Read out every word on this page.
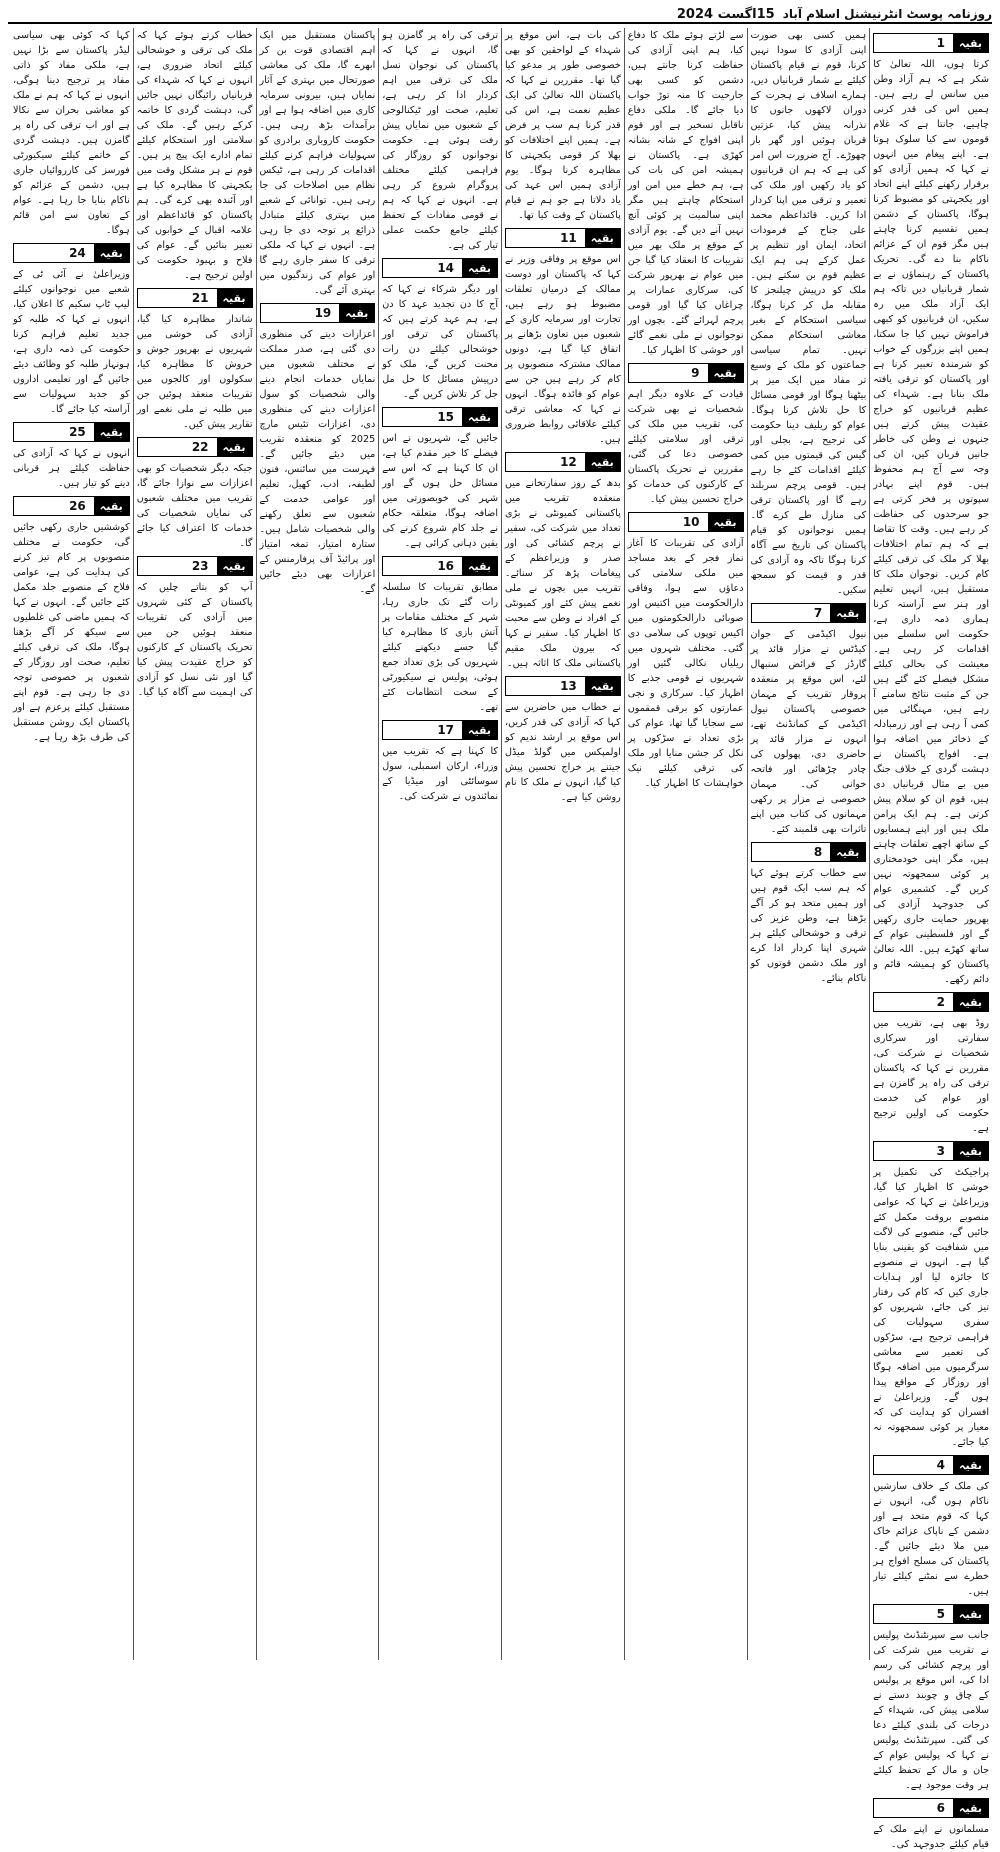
روزنامہ پوسٹ انٹرنیشنل اسلام آباد
15اگست 2024
بقیہ
1
کرتا ہوں، اللہ تعالیٰ کا شکر ہے کہ ہم آزاد وطن میں سانس لے رہے ہیں۔ ہمیں اس کی قدر کرنی چاہیے، جانتا ہے کہ غلام قوموں سے کیا سلوک ہوتا ہے۔ اپنے پیغام میں انہوں نے کہا کہ ہمیں آزادی کو برقرار رکھنے کیلئے اپنے اتحاد اور یکجہتی کو مضبوط کرنا ہوگا، پاکستان کے دشمن ہمیں تقسیم کرنا چاہتے ہیں مگر قوم ان کے عزائم ناکام بنا دے گی۔ تحریک پاکستان کے رہنماؤں نے بے شمار قربانیاں دیں تاکہ ہم ایک آزاد ملک میں رہ سکیں، ان قربانیوں کو کبھی فراموش نہیں کیا جا سکتا، ہمیں اپنے بزرگوں کے خواب کو شرمندہ تعبیر کرنا ہے اور پاکستان کو ترقی یافتہ ملک بنانا ہے۔ شہداء کی عظیم قربانیوں کو خراج عقیدت پیش کرتے ہیں جنہوں نے وطن کی خاطر جانیں قربان کیں، ان کی وجہ سے آج ہم محفوظ ہیں۔ قوم اپنے بہادر سپوتوں پر فخر کرتی ہے جو سرحدوں کی حفاظت کر رہے ہیں۔ وقت کا تقاضا ہے کہ ہم تمام اختلافات بھلا کر ملک کی ترقی کیلئے کام کریں۔ نوجوان ملک کا مستقبل ہیں، انہیں تعلیم اور ہنر سے آراستہ کرنا ہماری ذمہ داری ہے، حکومت اس سلسلے میں اقدامات کر رہی ہے۔ معیشت کی بحالی کیلئے مشکل فیصلے کئے گئے ہیں جن کے مثبت نتائج سامنے آ رہے ہیں، مہنگائی میں کمی آ رہی ہے اور زرمبادلہ کے ذخائر میں اضافہ ہوا ہے۔ افواج پاکستان نے دہشت گردی کے خلاف جنگ میں بے مثال قربانیاں دی ہیں، قوم ان کو سلام پیش کرتی ہے۔ ہم ایک پرامن ملک ہیں اور اپنے ہمسایوں کے ساتھ اچھے تعلقات چاہتے ہیں، مگر اپنی خودمختاری پر کوئی سمجھوتہ نہیں کریں گے۔ کشمیری عوام کی جدوجہد آزادی کی بھرپور حمایت جاری رکھیں گے اور فلسطینی عوام کے ساتھ کھڑے ہیں۔ اللہ تعالیٰ پاکستان کو ہمیشہ قائم و دائم رکھے۔
بقیہ
2
روڈ بھی ہے، تقریب میں سفارتی اور سرکاری شخصیات نے شرکت کی، مقررین نے کہا کہ پاکستان ترقی کی راہ پر گامزن ہے اور عوام کی خدمت حکومت کی اولین ترجیح ہے۔
بقیہ
3
پراجیکٹ کی تکمیل پر خوشی کا اظہار کیا گیا، وزیراعلیٰ نے کہا کہ عوامی منصوبے بروقت مکمل کئے جائیں گے، منصوبے کی لاگت میں شفافیت کو یقینی بنایا گیا ہے۔ انہوں نے منصوبے کا جائزہ لیا اور ہدایات جاری کیں کہ کام کی رفتار تیز کی جائے، شہریوں کو سفری سہولیات کی فراہمی ترجیح ہے، سڑکوں کی تعمیر سے معاشی سرگرمیوں میں اضافہ ہوگا اور روزگار کے مواقع پیدا ہوں گے۔ وزیراعلیٰ نے افسران کو ہدایت کی کہ معیار پر کوئی سمجھوتہ نہ کیا جائے۔
بقیہ
4
کی ملک کے خلاف سازشیں ناکام ہوں گی، انہوں نے کہا کہ قوم متحد ہے اور دشمن کے ناپاک عزائم خاک میں ملا دیئے جائیں گے۔ پاکستان کی مسلح افواج ہر خطرے سے نمٹنے کیلئے تیار ہیں۔
بقیہ
5
جانب سے سپرنٹنڈنٹ پولیس نے تقریب میں شرکت کی اور پرچم کشائی کی رسم ادا کی، اس موقع پر پولیس کے چاق و چوبند دستے نے سلامی پیش کی، شہداء کے درجات کی بلندی کیلئے دعا کی گئی۔ سپرنٹنڈنٹ پولیس نے کہا کہ پولیس عوام کے جان و مال کے تحفظ کیلئے ہر وقت موجود ہے۔
بقیہ
6
مسلمانوں نے اپنے ملک کے قیام کیلئے جدوجہد کی۔
ہمیں کسی بھی صورت اپنی آزادی کا سودا نہیں کرنا، قوم نے قیام پاکستان کیلئے بے شمار قربانیاں دیں، ہمارے اسلاف نے ہجرت کے دوران لاکھوں جانوں کا نذرانہ پیش کیا، عزتیں قربان ہوئیں اور گھر بار چھوڑے۔ آج ضرورت اس امر کی ہے کہ ہم ان قربانیوں کو یاد رکھیں اور ملک کی تعمیر و ترقی میں اپنا کردار ادا کریں۔ قائداعظم محمد علی جناح کے فرمودات اتحاد، ایمان اور تنظیم پر عمل کرکے ہی ہم ایک عظیم قوم بن سکتے ہیں۔ ملک کو درپیش چیلنجز کا مقابلہ مل کر کرنا ہوگا، سیاسی استحکام کے بغیر معاشی استحکام ممکن نہیں۔ تمام سیاسی جماعتوں کو ملک کے وسیع تر مفاد میں ایک میز پر بیٹھنا ہوگا اور قومی مسائل کا حل تلاش کرنا ہوگا۔ عوام کو ریلیف دینا حکومت کی ترجیح ہے، بجلی اور گیس کی قیمتوں میں کمی کیلئے اقدامات کئے جا رہے ہیں۔ قومی پرچم سربلند رہے گا اور پاکستان ترقی کی منازل طے کرے گا۔ ہمیں نوجوانوں کو قیام پاکستان کی تاریخ سے آگاہ کرنا ہوگا تاکہ وہ آزادی کی قدر و قیمت کو سمجھ سکیں۔
بقیہ
7
نیول اکیڈمی کے جوان کیڈٹس نے مزار قائد پر گارڈز کے فرائض سنبھال لئے، اس موقع پر منعقدہ پروقار تقریب کے مہمان خصوصی پاکستان نیول اکیڈمی کے کمانڈنٹ تھے، انہوں نے مزار قائد پر حاضری دی، پھولوں کی چادر چڑھائی اور فاتحہ خوانی کی۔ مہمان خصوصی نے مزار پر رکھی مہمانوں کی کتاب میں اپنے تاثرات بھی قلمبند کئے۔
بقیہ
8
سے خطاب کرتے ہوئے کہا کہ ہم سب ایک قوم ہیں اور ہمیں متحد ہو کر آگے بڑھنا ہے، وطن عزیز کی ترقی و خوشحالی کیلئے ہر شہری اپنا کردار ادا کرے اور ملک دشمن قوتوں کو ناکام بنائے۔
سے لڑتے ہوئے ملک کا دفاع کیا، ہم اپنی آزادی کی حفاظت کرنا جانتے ہیں، دشمن کو کسی بھی جارحیت کا منہ توڑ جواب دیا جائے گا۔ ملکی دفاع ناقابل تسخیر ہے اور قوم اپنی افواج کے شانہ بشانہ کھڑی ہے۔ پاکستان نے ہمیشہ امن کی بات کی ہے، ہم خطے میں امن اور استحکام چاہتے ہیں مگر اپنی سالمیت پر کوئی آنچ نہیں آنے دیں گے۔ یوم آزادی کے موقع پر ملک بھر میں تقریبات کا انعقاد کیا گیا جن میں عوام نے بھرپور شرکت کی، سرکاری عمارات پر چراغاں کیا گیا اور قومی پرچم لہرائے گئے۔ بچوں اور نوجوانوں نے ملی نغمے گائے اور خوشی کا اظہار کیا۔
بقیہ
9
قیادت کے علاوہ دیگر اہم شخصیات نے بھی شرکت کی، تقریب میں ملک کی ترقی اور سلامتی کیلئے خصوصی دعا کی گئی، مقررین نے تحریک پاکستان کے کارکنوں کی خدمات کو خراج تحسین پیش کیا۔
بقیہ
10
آزادی کی تقریبات کا آغاز نماز فجر کے بعد مساجد میں ملکی سلامتی کی دعاؤں سے ہوا، وفاقی دارالحکومت میں اکتیس اور صوبائی دارالحکومتوں میں اکیس توپوں کی سلامی دی گئی۔ مختلف شہروں میں ریلیاں نکالی گئیں اور شہریوں نے قومی جذبے کا اظہار کیا۔ سرکاری و نجی عمارتوں کو برقی قمقموں سے سجایا گیا تھا، عوام کی بڑی تعداد نے سڑکوں پر نکل کر جشن منایا اور ملک کی ترقی کیلئے نیک خواہشات کا اظہار کیا۔
کی بات ہے، اس موقع پر شہداء کے لواحقین کو بھی خصوصی طور پر مدعو کیا گیا تھا۔ مقررین نے کہا کہ پاکستان اللہ تعالیٰ کی ایک عظیم نعمت ہے، اس کی قدر کرنا ہم سب پر فرض ہے۔ ہمیں اپنے اختلافات کو بھلا کر قومی یکجہتی کا مظاہرہ کرنا ہوگا۔ یوم آزادی ہمیں اس عہد کی یاد دلاتا ہے جو ہم نے قیام پاکستان کے وقت کیا تھا۔
بقیہ
11
اس موقع پر وفاقی وزیر نے کہا کہ پاکستان اور دوست ممالک کے درمیان تعلقات مضبوط ہو رہے ہیں، تجارت اور سرمایہ کاری کے شعبوں میں تعاون بڑھانے پر اتفاق کیا گیا ہے، دونوں ممالک مشترکہ منصوبوں پر کام کر رہے ہیں جن سے عوام کو فائدہ ہوگا۔ انہوں نے کہا کہ معاشی ترقی کیلئے علاقائی روابط ضروری ہیں۔
بقیہ
12
بدھ کے روز سفارتخانے میں منعقدہ تقریب میں پاکستانی کمیونٹی نے بڑی تعداد میں شرکت کی، سفیر نے پرچم کشائی کی اور صدر و وزیراعظم کے پیغامات پڑھ کر سنائے۔ تقریب میں بچوں نے ملی نغمے پیش کئے اور کمیونٹی کے افراد نے وطن سے محبت کا اظہار کیا۔ سفیر نے کہا کہ بیرون ملک مقیم پاکستانی ملک کا اثاثہ ہیں۔
بقیہ
13
نے خطاب میں حاضرین سے کہا کہ آزادی کی قدر کریں، اس موقع پر ارشد ندیم کو اولمپکس میں گولڈ میڈل جیتنے پر خراج تحسین پیش کیا گیا، انہوں نے ملک کا نام روشن کیا ہے۔
ترقی کی راہ پر گامزن ہو گا، انہوں نے کہا کہ پاکستان کی نوجوان نسل ملک کی ترقی میں اہم کردار ادا کر رہی ہے، تعلیم، صحت اور ٹیکنالوجی کے شعبوں میں نمایاں پیش رفت ہوئی ہے۔ حکومت نوجوانوں کو روزگار کی فراہمی کیلئے مختلف پروگرام شروع کر رہی ہے۔ انہوں نے کہا کہ ہم نے قومی مفادات کے تحفظ کیلئے جامع حکمت عملی تیار کی ہے۔
بقیہ
14
اور دیگر شرکاء نے کہا کہ آج کا دن تجدید عہد کا دن ہے، ہم عہد کرتے ہیں کہ پاکستان کی ترقی اور خوشحالی کیلئے دن رات محنت کریں گے، ملک کو درپیش مسائل کا حل مل جل کر تلاش کریں گے۔
بقیہ
15
جائیں گے، شہریوں نے اس فیصلے کا خیر مقدم کیا ہے، ان کا کہنا ہے کہ اس سے مسائل حل ہوں گے اور شہر کی خوبصورتی میں اضافہ ہوگا، متعلقہ حکام نے جلد کام شروع کرنے کی یقین دہانی کرائی ہے۔
بقیہ
16
مطابق تقریبات کا سلسلہ رات گئے تک جاری رہا، شہر کے مختلف مقامات پر آتش بازی کا مظاہرہ کیا گیا جسے دیکھنے کیلئے شہریوں کی بڑی تعداد جمع ہوئی، پولیس نے سیکیورٹی کے سخت انتظامات کئے تھے۔
بقیہ
17
کا کہنا ہے کہ تقریب میں وزراء، ارکان اسمبلی، سول سوسائٹی اور میڈیا کے نمائندوں نے شرکت کی۔
پاکستان مستقبل میں ایک اہم اقتصادی قوت بن کر ابھرے گا، ملک کی معاشی صورتحال میں بہتری کے آثار نمایاں ہیں، بیرونی سرمایہ کاری میں اضافہ ہوا ہے اور برآمدات بڑھ رہی ہیں۔ حکومت کاروباری برادری کو سہولیات فراہم کرنے کیلئے اقدامات کر رہی ہے، ٹیکس نظام میں اصلاحات کی جا رہی ہیں۔ توانائی کے شعبے میں بہتری کیلئے متبادل ذرائع پر توجہ دی جا رہی ہے۔ انہوں نے کہا کہ ملکی ترقی کا سفر جاری رہے گا اور عوام کی زندگیوں میں بہتری آئے گی۔
بقیہ
19
اعزازات دینے کی منظوری دی گئی ہے، صدر مملکت نے مختلف شعبوں میں نمایاں خدمات انجام دینے والی شخصیات کو سول اعزازات دینے کی منظوری دی، اعزازات تئیس مارچ 2025 کو منعقدہ تقریب میں دیئے جائیں گے۔ فہرست میں سائنس، فنون لطیفہ، ادب، کھیل، تعلیم اور عوامی خدمت کے شعبوں سے تعلق رکھنے والی شخصیات شامل ہیں۔ ستارہ امتیاز، تمغہ امتیاز اور پرائیڈ آف پرفارمنس کے اعزازات بھی دیئے جائیں گے۔
خطاب کرتے ہوئے کہا کہ ملک کی ترقی و خوشحالی کیلئے اتحاد ضروری ہے، انہوں نے کہا کہ شہداء کی قربانیاں رائیگاں نہیں جائیں گی، دہشت گردی کا خاتمہ کرکے رہیں گے۔ ملک کی سلامتی اور استحکام کیلئے تمام ادارے ایک پیج پر ہیں۔ قوم نے ہر مشکل وقت میں یکجہتی کا مظاہرہ کیا ہے اور آئندہ بھی کرے گی۔ ہم پاکستان کو قائداعظم اور علامہ اقبال کے خوابوں کی تعبیر بنائیں گے۔ عوام کی فلاح و بہبود حکومت کی اولین ترجیح ہے۔
بقیہ
21
شاندار مظاہرہ کیا گیا، آزادی کی خوشی میں شہریوں نے بھرپور جوش و خروش کا مظاہرہ کیا، سکولوں اور کالجوں میں تقریبات منعقد ہوئیں جن میں طلبہ نے ملی نغمے اور تقاریر پیش کیں۔
بقیہ
22
جبکہ دیگر شخصیات کو بھی اعزازات سے نوازا جائے گا، تقریب میں مختلف شعبوں کی نمایاں شخصیات کی خدمات کا اعتراف کیا جائے گا۔
بقیہ
23
آپ کو بتاتے چلیں کہ پاکستان کے کئی شہروں میں آزادی کی تقریبات منعقد ہوئیں جن میں تحریک پاکستان کے کارکنوں کو خراج عقیدت پیش کیا گیا اور نئی نسل کو آزادی کی اہمیت سے آگاہ کیا گیا۔
کہا کہ کوئی بھی سیاسی لیڈر پاکستان سے بڑا نہیں ہے، ملکی مفاد کو ذاتی مفاد پر ترجیح دینا ہوگی، انہوں نے کہا کہ ہم نے ملک کو معاشی بحران سے نکالا ہے اور اب ترقی کی راہ پر گامزن ہیں۔ دہشت گردی کے خاتمے کیلئے سیکیورٹی فورسز کی کارروائیاں جاری ہیں، دشمن کے عزائم کو ناکام بنایا جا رہا ہے۔ عوام کے تعاون سے امن قائم ہوگا۔
بقیہ
24
وزیراعلیٰ نے آئی ٹی کے شعبے میں نوجوانوں کیلئے لیپ ٹاپ سکیم کا اعلان کیا، انہوں نے کہا کہ طلبہ کو جدید تعلیم فراہم کرنا حکومت کی ذمہ داری ہے، ہونہار طلبہ کو وظائف دیئے جائیں گے اور تعلیمی اداروں کو جدید سہولیات سے آراستہ کیا جائے گا۔
بقیہ
25
انہوں نے کہا کہ آزادی کی حفاظت کیلئے ہر قربانی دینے کو تیار ہیں۔
بقیہ
26
کوششیں جاری رکھی جائیں گی، حکومت نے مختلف منصوبوں پر کام تیز کرنے کی ہدایت کی ہے، عوامی فلاح کے منصوبے جلد مکمل کئے جائیں گے۔ انہوں نے کہا کہ ہمیں ماضی کی غلطیوں سے سیکھ کر آگے بڑھنا ہوگا، ملک کی ترقی کیلئے تعلیم، صحت اور روزگار کے شعبوں پر خصوصی توجہ دی جا رہی ہے۔ قوم اپنے مستقبل کیلئے پرعزم ہے اور پاکستان ایک روشن مستقبل کی طرف بڑھ رہا ہے۔
